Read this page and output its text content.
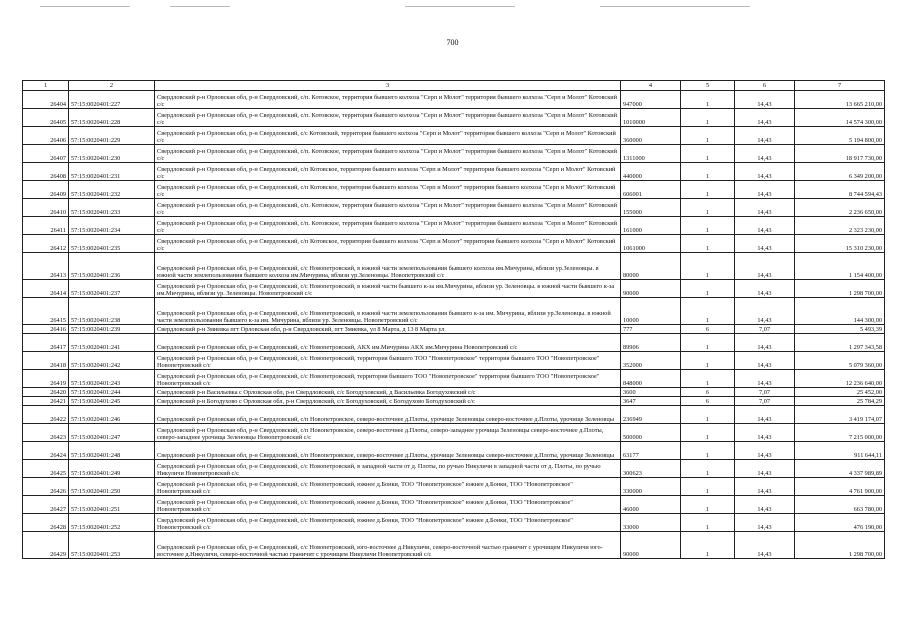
700
1	2	3	4	5	6	7
26404	57:15:0020401:227	Свердловский р-н Орловская обл, р-н Свердловский, с/п. Котовское, территория бывшего колхоза "Серп и Молот" территория бывшего колхоза "Серп и Молот" Котовский с/с	947000	1	14,43	13 665 210,00
26405	57:15:0020401:228	Свердловский р-н Орловская обл, р-н Свердловский, с/п. Котовское, территория бывшего колхоза "Серп и Молот" территория бывшего колхоза "Серп и Молот" Котовский с/с	1010000	1	14,43	14 574 300,00
26406	57:15:0020401:229	Свердловский р-н Орловская обл, р-н Свердловский, с/с Котовский, территория бывшего колхоза "Серп и Молот" территория бывшего колхоза "Серп и Молот" Котовский с/с	360000	1	14,43	5 194 800,00
26407	57:15:0020401:230	Свердловский р-н Орловская обл, р-н Свердловский, с/п. Котовское, территория бывшего колхоза "Серп и Молот" территория бывшего колхоза "Серп и Молот" Котовский с/с	1311000	1	14,43	18 917 730,00
26408	57:15:0020401:231	Свердловский р-н Орловская обл, р-н Свердловский, с/п Котовское, территория бывшего колхоза "Серп и Молот" территория бывшего колхоза "Серп и Молот" Котовский с/с	440000	1	14,43	6 349 200,00
26409	57:15:0020401:232	Свердловский р-н Орловская обл, р-н Свердловский, с/п Котовское, территория бывшего колхоза "Серп и Молот" территория бывшего колхоза "Серп и Молот" Котовский с/с	606001	1	14,43	8 744 594,43
26410	57:15:0020401:233	Свердловский р-н Орловская обл, р-н Свердловский, с/п. Котовское, территория бывшего колхоза "Серп и Молот" территория бывшего колхоза "Серп и Молот" Котовский с/с	155000	1	14,43	2 236 650,00
26411	57:15:0020401:234	Свердловский р-н Орловская обл, р-н Свердловский, с/п. Котовское, территория бывшего колхоза "Серп и Молот" территория бывшего колхоза "Серп и Молот" Котовский с/с	161000	1	14,43	2 323 230,00
26412	57:15:0020401:235	Свердловский р-н Орловская обл, р-н Свердловский, с/п Котовское, территория бывшего колхоза "Серп и Молот" территория бывшего колхоза "Серп и Молот" Котовский с/с	1061000	1	14,43	15 310 230,00
26413	57:15:0020401:236	Свердловский р-н Орловская обл, р-н Свердловский, с/с Новопетровский, в южной части землепользования бывшего колхоза им.Мичурина, вблизи ур.Зеленовцы. в южной части землепользования бывшего колхоза им.Мичурина, вблизи ур.Зеленовцы. Новопетровский с/с	80000	1	14,43	1 154 400,00
26414	57:15:0020401:237	Свердловский р-н Орловская обл, р-н Свердловский, с/с Новопетровский, в южной части бывшего к-за им.Мичурина, вблизи ур. Зеленовцы. в южной части бывшего к-за им.Мичурина, вблизи ур. Зеленовцы. Новопетровский с/с	90000	1	14,43	1 298 700,00
26415	57:15:0020401:238	Свердловский р-н Орловская обл, р-н Свердловский, с/с Новопетровский, в южной части землепользования бывшего к-за им. Мичурина, вблизи ур.Зеленовцы. в южной части землепользования бывшего к-за им. Мичурина, вблизи ур. Зеленовцы. Новопетровский с/с	10000	1	14,43	144 300,00
26416	57:15:0020401:239	Свердловский р-н Змиевка пгт Орловская обл, р-н Свердловский, пгт Змиевка, ул 8 Марта, д 13 8 Марта ул	777	6	7,07	5 493,39
26417	57:15:0020401:241	Свердловский р-н Орловская обл, р-н Свердловский, с/с Новопетровский, АКХ им.Мичурина АКХ им.Мичурина Новопетровский с/с	89906	1	14,43	1 297 343,58
26418	57:15:0020401:242	Свердловский р-н Орловская обл, р-н Свердловский, с/с Новопетровский, территория бывшего ТОО "Новопетровское" территория бывшего ТОО "Новопетровское" Новопетровский с/с	352000	1	14,43	5 079 360,00
26419	57:15:0020401:243	Свердловский р-н Орловская обл, р-н Свердловский, с/с Новопетровский, территория бывшего ТОО "Новопетровское" территория бывшего ТОО "Новопетровское" Новопетровский с/с	848000	1	14,43	12 236 640,00
26420	57:15:0020401:244	Свердловский р-н Васильевка с Орловская обл, р-н Свердловский, с/с Богодуховский, д Васильевка Богодуховский с/с	3600	6	7,07	25 452,00
26421	57:15:0020401:245	Свердловский р-н Богодухово с Орловская обл, р-н Свердловский, с/с Богодуховский, с Богодухово Богодуховский с/с	3647	6	7,07	25 784,29
26422	57:15:0020401:246	Свердловский р-н Орловская обл, р-н Свердловский, с/п Новопетровское, северо-восточнее д.Плоты, урочище Зеленовцы северо-восточнее д.Плоты, урочище Зеленовцы	236949	1	14,43	3 419 174,07
26423	57:15:0020401:247	Свердловский р-н Орловская обл, р-н Свердловский, с/п Новопетровское, северо-восточнее д.Плоты, северо-западнее урочища Зеленовцы северо-восточнее д.Плоты, северо-западнее урочища Зеленовцы Новопетровский с/с	500000	1	14,43	7 215 000,00
26424	57:15:0020401:248	Свердловский р-н Орловская обл, р-н Свердловский, с/п Новопетровское, северо-восточнее д.Плоты, урочище Зеленовцы северо-восточнее д.Плоты, урочище Зеленовцы	63177	1	14,43	911 644,11
26425	57:15:0020401:249	Свердловский р-н Орловская обл, р-н Свердловский, с/с Новопетровский, в западной части от д. Плоты, по ручью Никуличи в западной части от д. Плоты, по ручью Никуличи Новопетровский с/с	300623	1	14,43	4 337 989,89
26426	57:15:0020401:250	Свердловский р-н Орловская обл, р-н Свердловский, с/с Новопетровский, южнее д.Бонки, ТОО "Новопетровское" южнее д.Бонки, ТОО "Новопетровское" Новопетровский с/с	330000	1	14,43	4 761 900,00
26427	57:15:0020401:251	Свердловский р-н Орловская обл, р-н Свердловский, с/с Новопетровский, южнее д.Бонки, ТОО "Новопетровское" южнее д.Бонки, ТОО "Новопетровское" Новопетровский с/с	46000	1	14,43	663 780,00
26428	57:15:0020401:252	Свердловский р-н Орловская обл, р-н Свердловский, с/с Новопетровский, южнее д.Бонки, ТОО "Новопетровское" южнее д.Бонки, ТОО "Новопетровское" Новопетровский с/с	33000	1	14,43	476 190,00
26429	57:15:0020401:253	Свердловский р-н Орловская обл, р-н Свердловский, с/с Новопетровский, юго-восточнее д.Никуличи, северо-восточной частью граничит с урочищем Никуличи юго-восточнее д.Никуличи, северо-восточной частью граничит с урочищем Никуличи Новопетровский с/с	90000	1	14,43	1 298 700,00
